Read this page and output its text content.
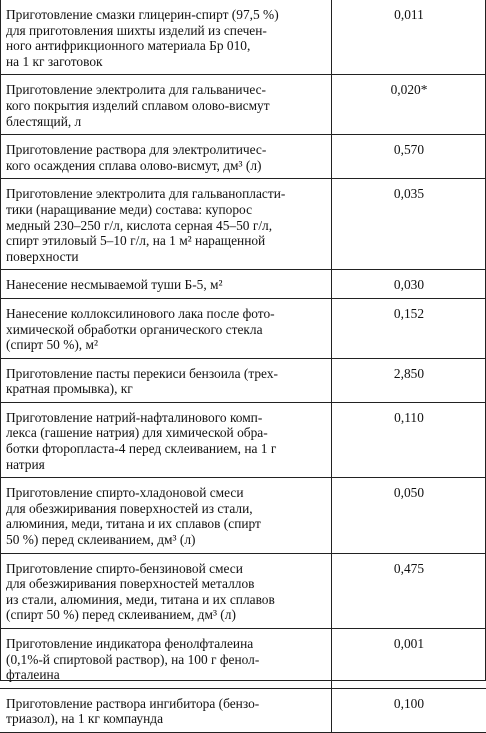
Приготовление смазки глицерин-спирт (97,5 %)
для приготовления шихты изделий из спечен-
ного антифрикционного материала Бр 010,
на 1 кг заготовок	0,011

Приготовление электролита для гальваничес-
кого покрытия изделий сплавом олово-висмут
блестящий, л	0,020*

Приготовление раствора для электролитичес-
кого осаждения сплава олово-висмут, дм³ (л)	0,570

Приготовление электролита для гальванопласти-
тики (наращивание меди) состава: купорос
медный 230–250 г/л, кислота серная 45–50 г/л,
спирт этиловый 5–10 г/л, на 1 м² наращенной
поверхности	0,035

Нанесение несмываемой туши Б-5, м²	0,030

Нанесение коллоксилинового лака после фото-
химической обработки органического стекла
(спирт 50 %), м²	0,152

Приготовление пасты перекиси бензоила (трех-
кратная промывка), кг	2,850

Приготовление натрий-нафталинового комп-
лекса (гашение натрия) для химической обра-
ботки фторопласта-4 перед склеиванием, на 1 г
натрия	0,110

Приготовление спирто-хладоновой смеси
для обезжиривания поверхностей из стали,
алюминия, меди, титана и их сплавов (спирт
50 %) перед склеиванием, дм³ (л)	0,050

Приготовление спирто-бензиновой смеси
для обезжиривания поверхностей металлов
из стали, алюминия, меди, титана и их сплавов
(спирт 50 %) перед склеиванием, дм³ (л)	0,475

Приготовление индикатора фенолфталеина
(0,1%-й спиртовой раствор), на 100 г фенол-
фталеина	0,001

Приготовление раствора ингибитора (бензо-
триазол), на 1 кг компаунда	0,100
